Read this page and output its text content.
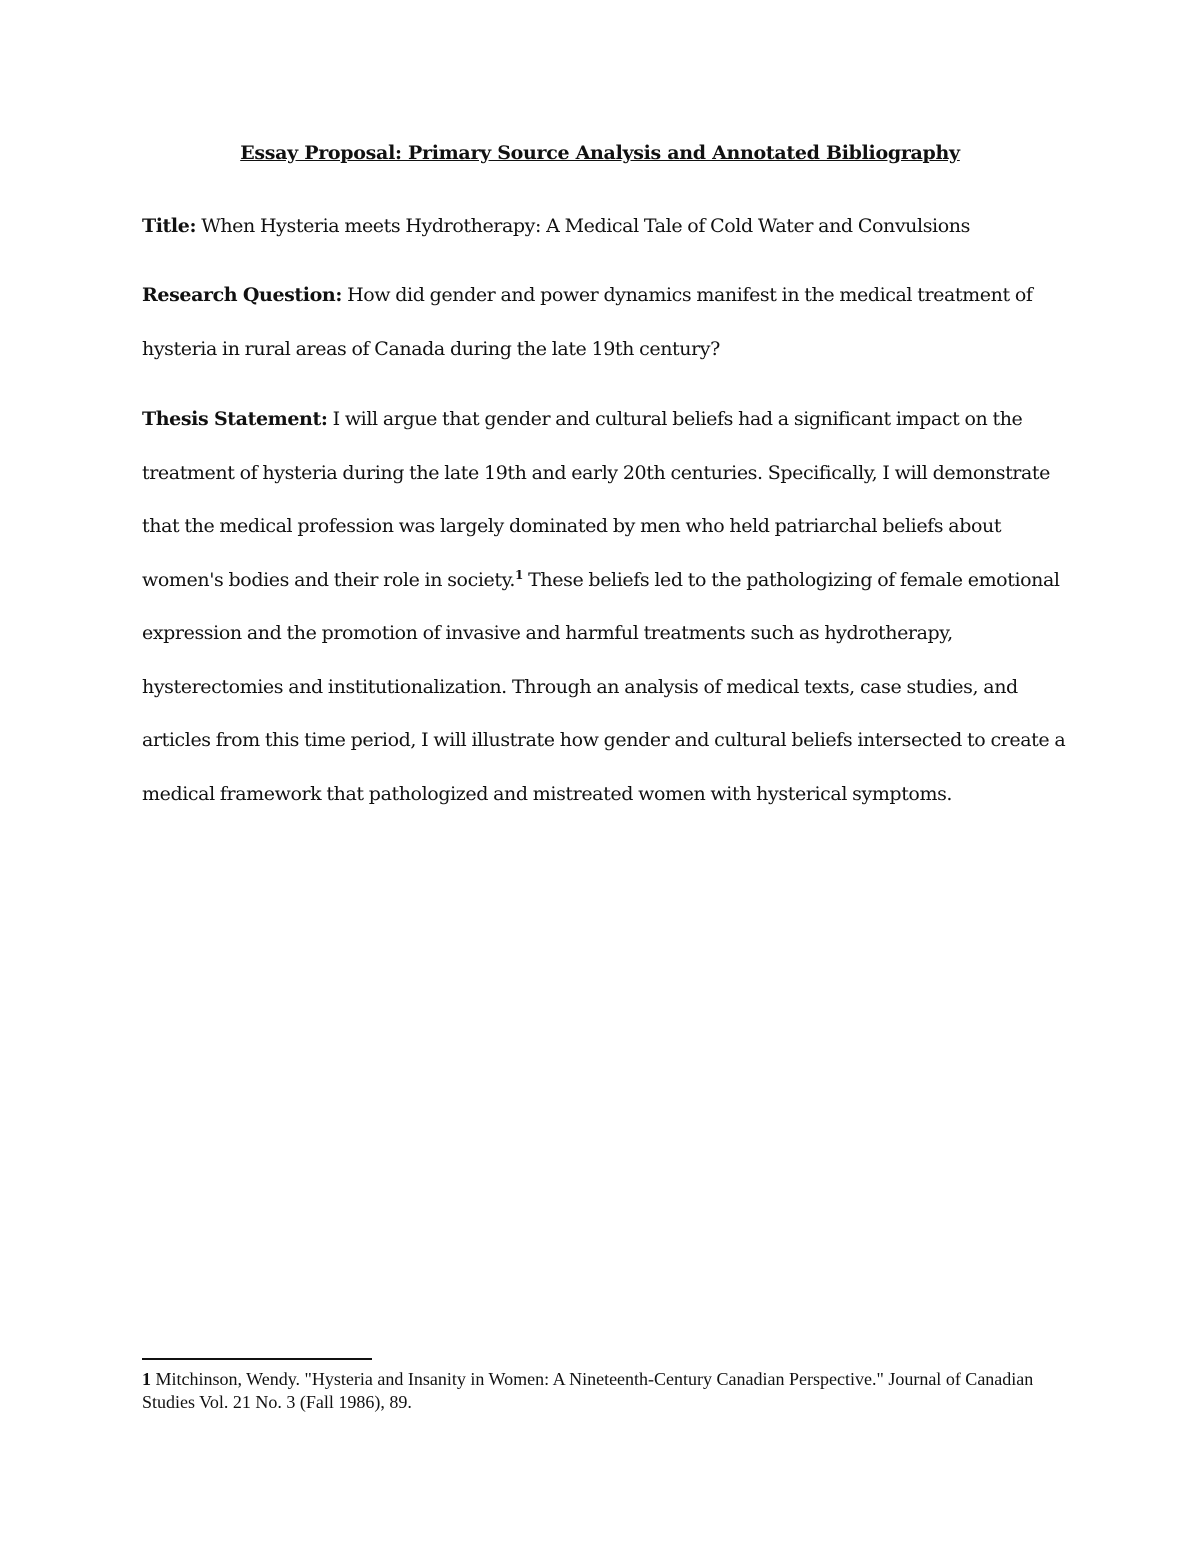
Essay Proposal: Primary Source Analysis and Annotated Bibliography
Title: When Hysteria meets Hydrotherapy: A Medical Tale of Cold Water and Convulsions
Research Question: How did gender and power dynamics manifest in the medical treatment of hysteria in rural areas of Canada during the late 19th century?
Thesis Statement: I will argue that gender and cultural beliefs had a significant impact on the treatment of hysteria during the late 19th and early 20th centuries. Specifically, I will demonstrate that the medical profession was largely dominated by men who held patriarchal beliefs about women's bodies and their role in society.$^1$ These beliefs led to the pathologizing of female emotional expression and the promotion of invasive and harmful treatments such as hydrotherapy, hysterectomies and institutionalization. Through an analysis of medical texts, case studies, and articles from this time period, I will illustrate how gender and cultural beliefs intersected to create a medical framework that pathologized and mistreated women with hysterical symptoms.
1 Mitchinson, Wendy. "Hysteria and Insanity in Women: A Nineteenth-Century Canadian Perspective." Journal of Canadian Studies Vol. 21 No. 3 (Fall 1986), 89.
